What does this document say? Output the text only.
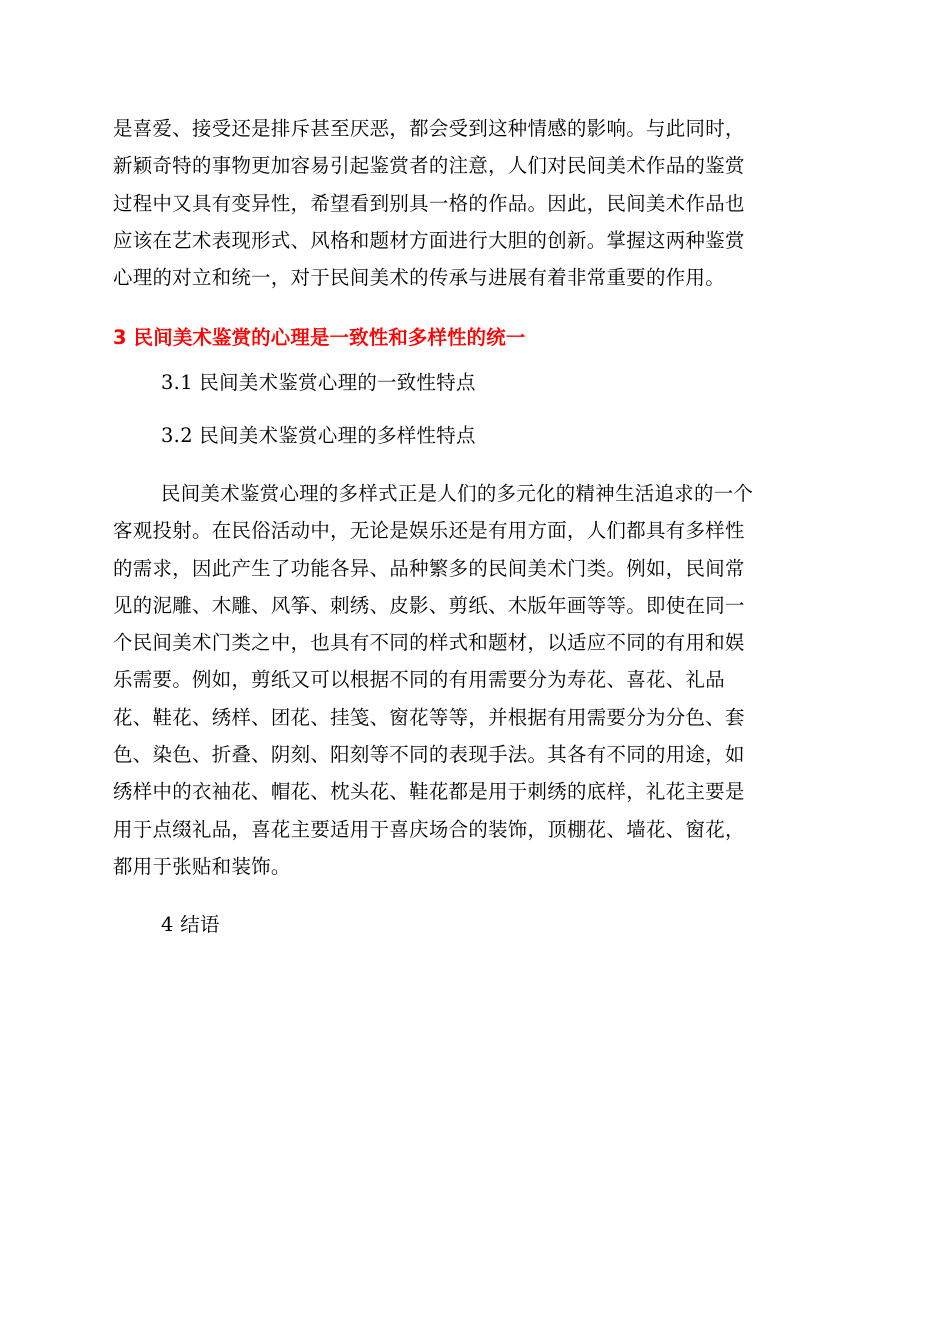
是喜爱、接受还是排斥甚至厌恶，都会受到这种情感的影响。与此同时，
新颖奇特的事物更加容易引起鉴赏者的注意，人们对民间美术作品的鉴赏
过程中又具有变异性，希望看到别具一格的作品。因此，民间美术作品也
应该在艺术表现形式、风格和题材方面进行大胆的创新。掌握这两种鉴赏
心理的对立和统一，对于民间美术的传承与进展有着非常重要的作用。
3 民间美术鉴赏的心理是一致性和多样性的统一

3.1 民间美术鉴赏心理的一致性特点

3.2 民间美术鉴赏心理的多样性特点

民间美术鉴赏心理的多样式正是人们的多元化的精神生活追求的一个
客观投射。在民俗活动中，无论是娱乐还是有用方面，人们都具有多样性
的需求，因此产生了功能各异、品种繁多的民间美术门类。例如，民间常
见的泥雕、木雕、风筝、刺绣、皮影、剪纸、木版年画等等。即使在同一
个民间美术门类之中，也具有不同的样式和题材，以适应不同的有用和娱
乐需要。例如，剪纸又可以根据不同的有用需要分为寿花、喜花、礼品
花、鞋花、绣样、团花、挂笺、窗花等等，并根据有用需要分为分色、套
色、染色、折叠、阴刻、阳刻等不同的表现手法。其各有不同的用途，如
绣样中的衣袖花、帽花、枕头花、鞋花都是用于刺绣的底样，礼花主要是
用于点缀礼品，喜花主要适用于喜庆场合的装饰，顶棚花、墙花、窗花，
都用于张贴和装饰。

4 结语
